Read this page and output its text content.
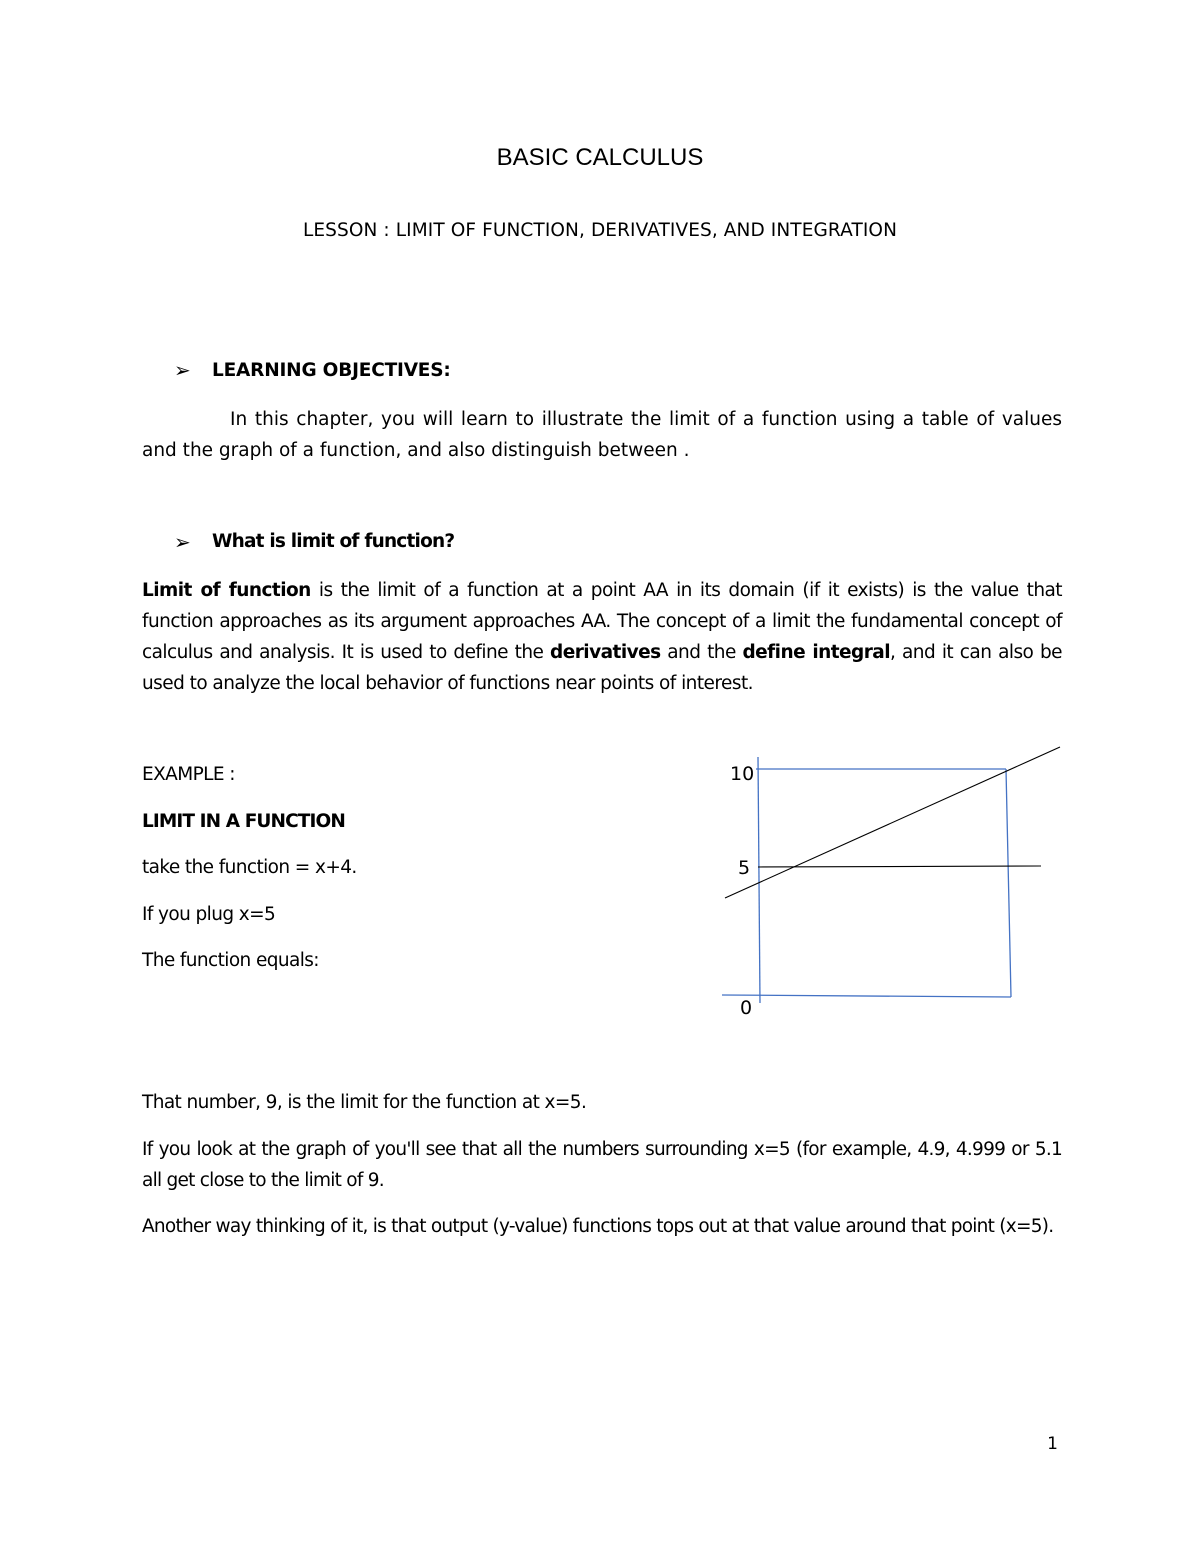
BASIC CALCULUS
LESSON : LIMIT OF FUNCTION, DERIVATIVES, AND INTEGRATION
➢ LEARNING OBJECTIVES:
In this chapter, you will learn to illustrate the limit of a function using a table of values and the graph of a function, and also distinguish between .
➢ What is limit of function?
Limit of function is the limit of a function at a point AA in its domain (if it exists) is the value that function approaches as its argument approaches AA. The concept of a limit the fundamental concept of calculus and analysis. It is used to define the derivatives and the define integral, and it can also be used to analyze the local behavior of functions near points of interest.
EXAMPLE :
LIMIT IN A FUNCTION
take the function = x+4.
If you plug x=5
The function equals:
10
5
0
That number, 9, is the limit for the function at x=5.
If you look at the graph of you'll see that all the numbers surrounding x=5 (for example, 4.9, 4.999 or 5.1 all get close to the limit of 9.
Another way thinking of it, is that output (y-value) functions tops out at that value around that point (x=5).
1
